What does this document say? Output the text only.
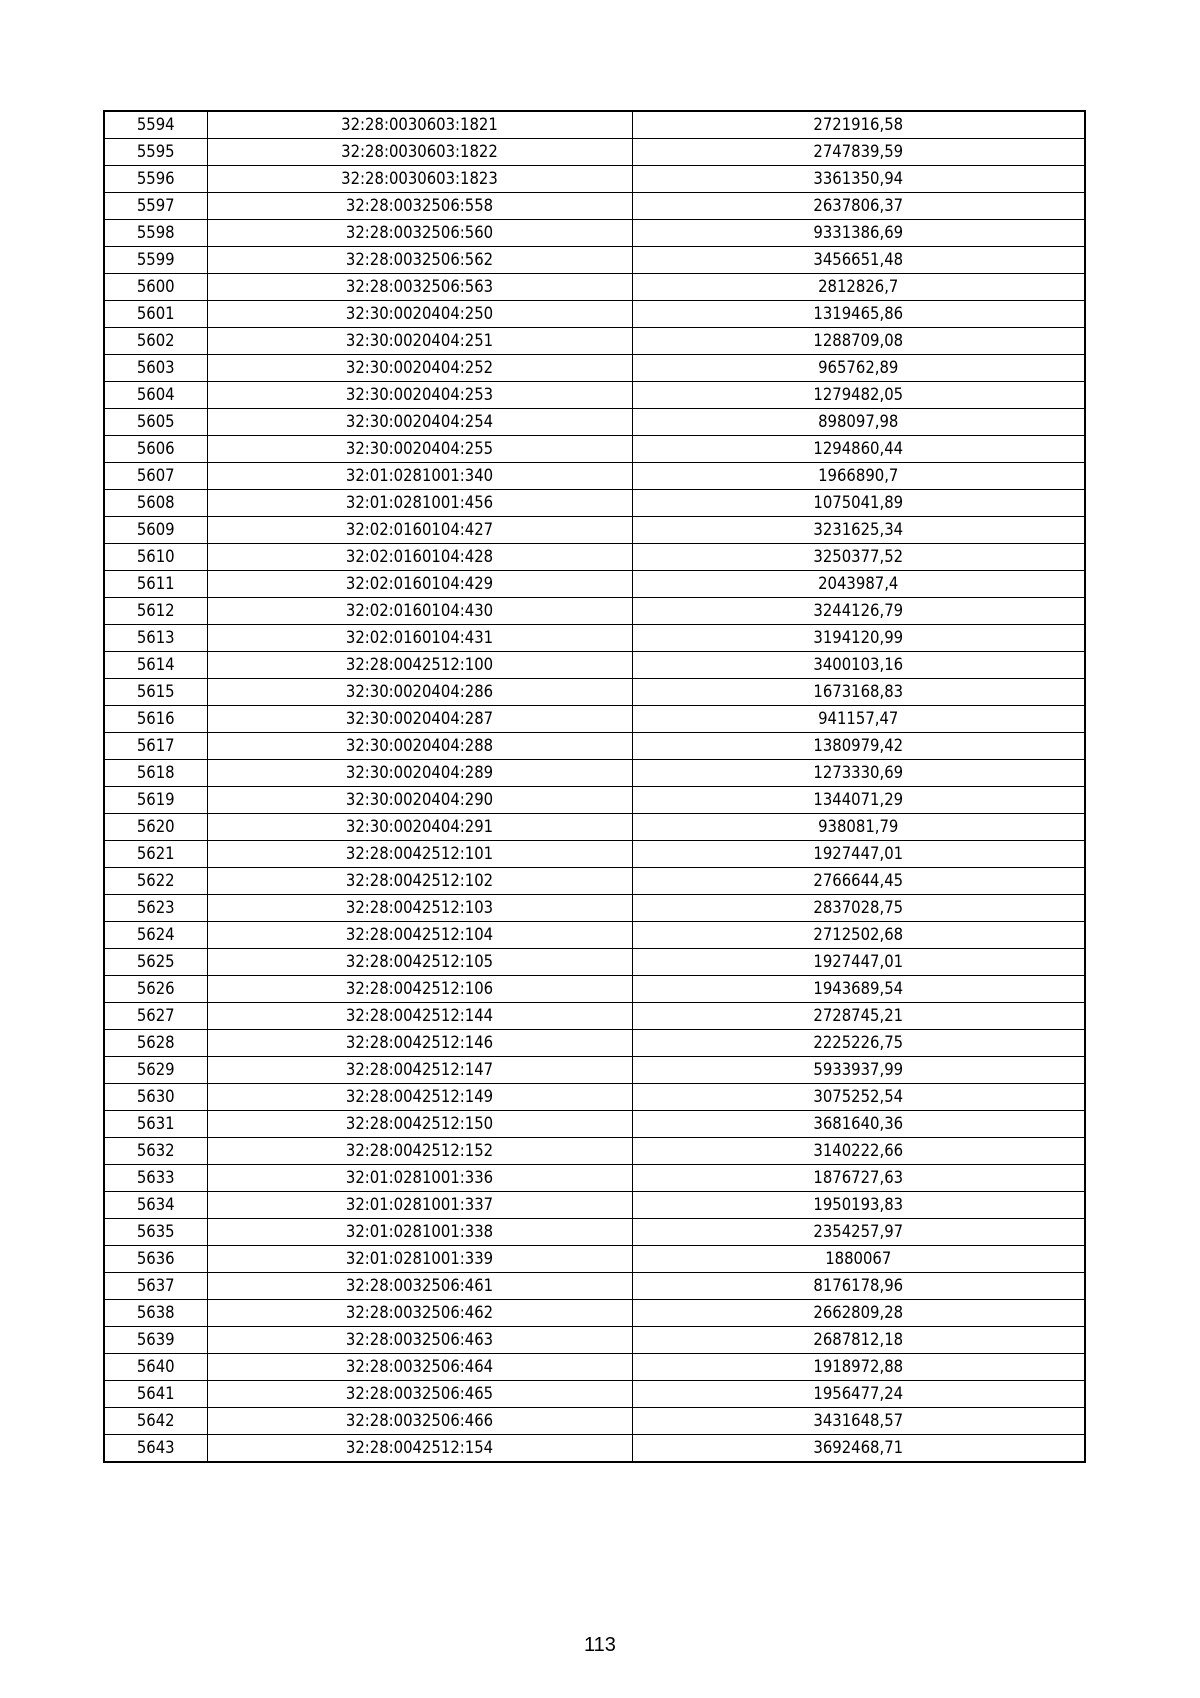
5594	32:28:0030603:1821	2721916,58
5595	32:28:0030603:1822	2747839,59
5596	32:28:0030603:1823	3361350,94
5597	32:28:0032506:558	2637806,37
5598	32:28:0032506:560	9331386,69
5599	32:28:0032506:562	3456651,48
5600	32:28:0032506:563	2812826,7
5601	32:30:0020404:250	1319465,86
5602	32:30:0020404:251	1288709,08
5603	32:30:0020404:252	965762,89
5604	32:30:0020404:253	1279482,05
5605	32:30:0020404:254	898097,98
5606	32:30:0020404:255	1294860,44
5607	32:01:0281001:340	1966890,7
5608	32:01:0281001:456	1075041,89
5609	32:02:0160104:427	3231625,34
5610	32:02:0160104:428	3250377,52
5611	32:02:0160104:429	2043987,4
5612	32:02:0160104:430	3244126,79
5613	32:02:0160104:431	3194120,99
5614	32:28:0042512:100	3400103,16
5615	32:30:0020404:286	1673168,83
5616	32:30:0020404:287	941157,47
5617	32:30:0020404:288	1380979,42
5618	32:30:0020404:289	1273330,69
5619	32:30:0020404:290	1344071,29
5620	32:30:0020404:291	938081,79
5621	32:28:0042512:101	1927447,01
5622	32:28:0042512:102	2766644,45
5623	32:28:0042512:103	2837028,75
5624	32:28:0042512:104	2712502,68
5625	32:28:0042512:105	1927447,01
5626	32:28:0042512:106	1943689,54
5627	32:28:0042512:144	2728745,21
5628	32:28:0042512:146	2225226,75
5629	32:28:0042512:147	5933937,99
5630	32:28:0042512:149	3075252,54
5631	32:28:0042512:150	3681640,36
5632	32:28:0042512:152	3140222,66
5633	32:01:0281001:336	1876727,63
5634	32:01:0281001:337	1950193,83
5635	32:01:0281001:338	2354257,97
5636	32:01:0281001:339	1880067
5637	32:28:0032506:461	8176178,96
5638	32:28:0032506:462	2662809,28
5639	32:28:0032506:463	2687812,18
5640	32:28:0032506:464	1918972,88
5641	32:28:0032506:465	1956477,24
5642	32:28:0032506:466	3431648,57
5643	32:28:0042512:154	3692468,71
113
